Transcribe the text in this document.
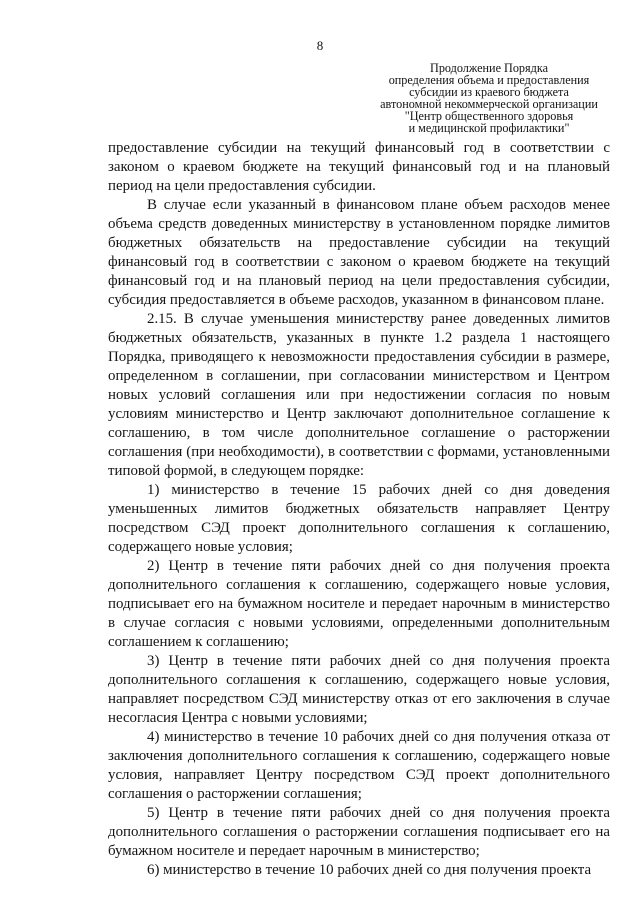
8
Продолжение Порядка
определения объема и предоставления
субсидии из краевого бюджета
автономной некоммерческой организации
"Центр общественного здоровья
и медицинской профилактики"

предоставление субсидии на текущий финансовый год в соответствии с законом о краевом бюджете на текущий финансовый год и на плановый период на цели предоставления субсидии.

В случае если указанный в финансовом плане объем расходов менее объема средств доведенных министерству в установленном порядке лимитов бюджетных обязательств на предоставление субсидии на текущий финансовый год в соответствии с законом о краевом бюджете на текущий финансовый год и на плановый период на цели предоставления субсидии, субсидия предоставляется в объеме расходов, указанном в финансовом плане.

2.15. В случае уменьшения министерству ранее доведенных лимитов бюджетных обязательств, указанных в пункте 1.2 раздела 1 настоящего Порядка, приводящего к невозможности предоставления субсидии в размере, определенном в соглашении, при согласовании министерством и Центром новых условий соглашения или при недостижении согласия по новым условиям министерство и Центр заключают дополнительное соглашение к соглашению, в том числе дополнительное соглашение о расторжении соглашения (при необходимости), в соответствии с формами, установленными типовой формой, в следующем порядке:

1) министерство в течение 15 рабочих дней со дня доведения уменьшенных лимитов бюджетных обязательств направляет Центру посредством СЭД проект дополнительного соглашения к соглашению, содержащего новые условия;

2) Центр в течение пяти рабочих дней со дня получения проекта дополнительного соглашения к соглашению, содержащего новые условия, подписывает его на бумажном носителе и передает нарочным в министерство в случае согласия с новыми условиями, определенными дополнительным соглашением к соглашению;

3) Центр в течение пяти рабочих дней со дня получения проекта дополнительного соглашения к соглашению, содержащего новые условия, направляет посредством СЭД министерству отказ от его заключения в случае несогласия Центра с новыми условиями;

4) министерство в течение 10 рабочих дней со дня получения отказа от заключения дополнительного соглашения к соглашению, содержащего новые условия, направляет Центру посредством СЭД проект дополнительного соглашения о расторжении соглашения;

5) Центр в течение пяти рабочих дней со дня получения проекта дополнительного соглашения о расторжении соглашения подписывает его на бумажном носителе и передает нарочным в министерство;

6) министерство в течение 10 рабочих дней со дня получения проекта
